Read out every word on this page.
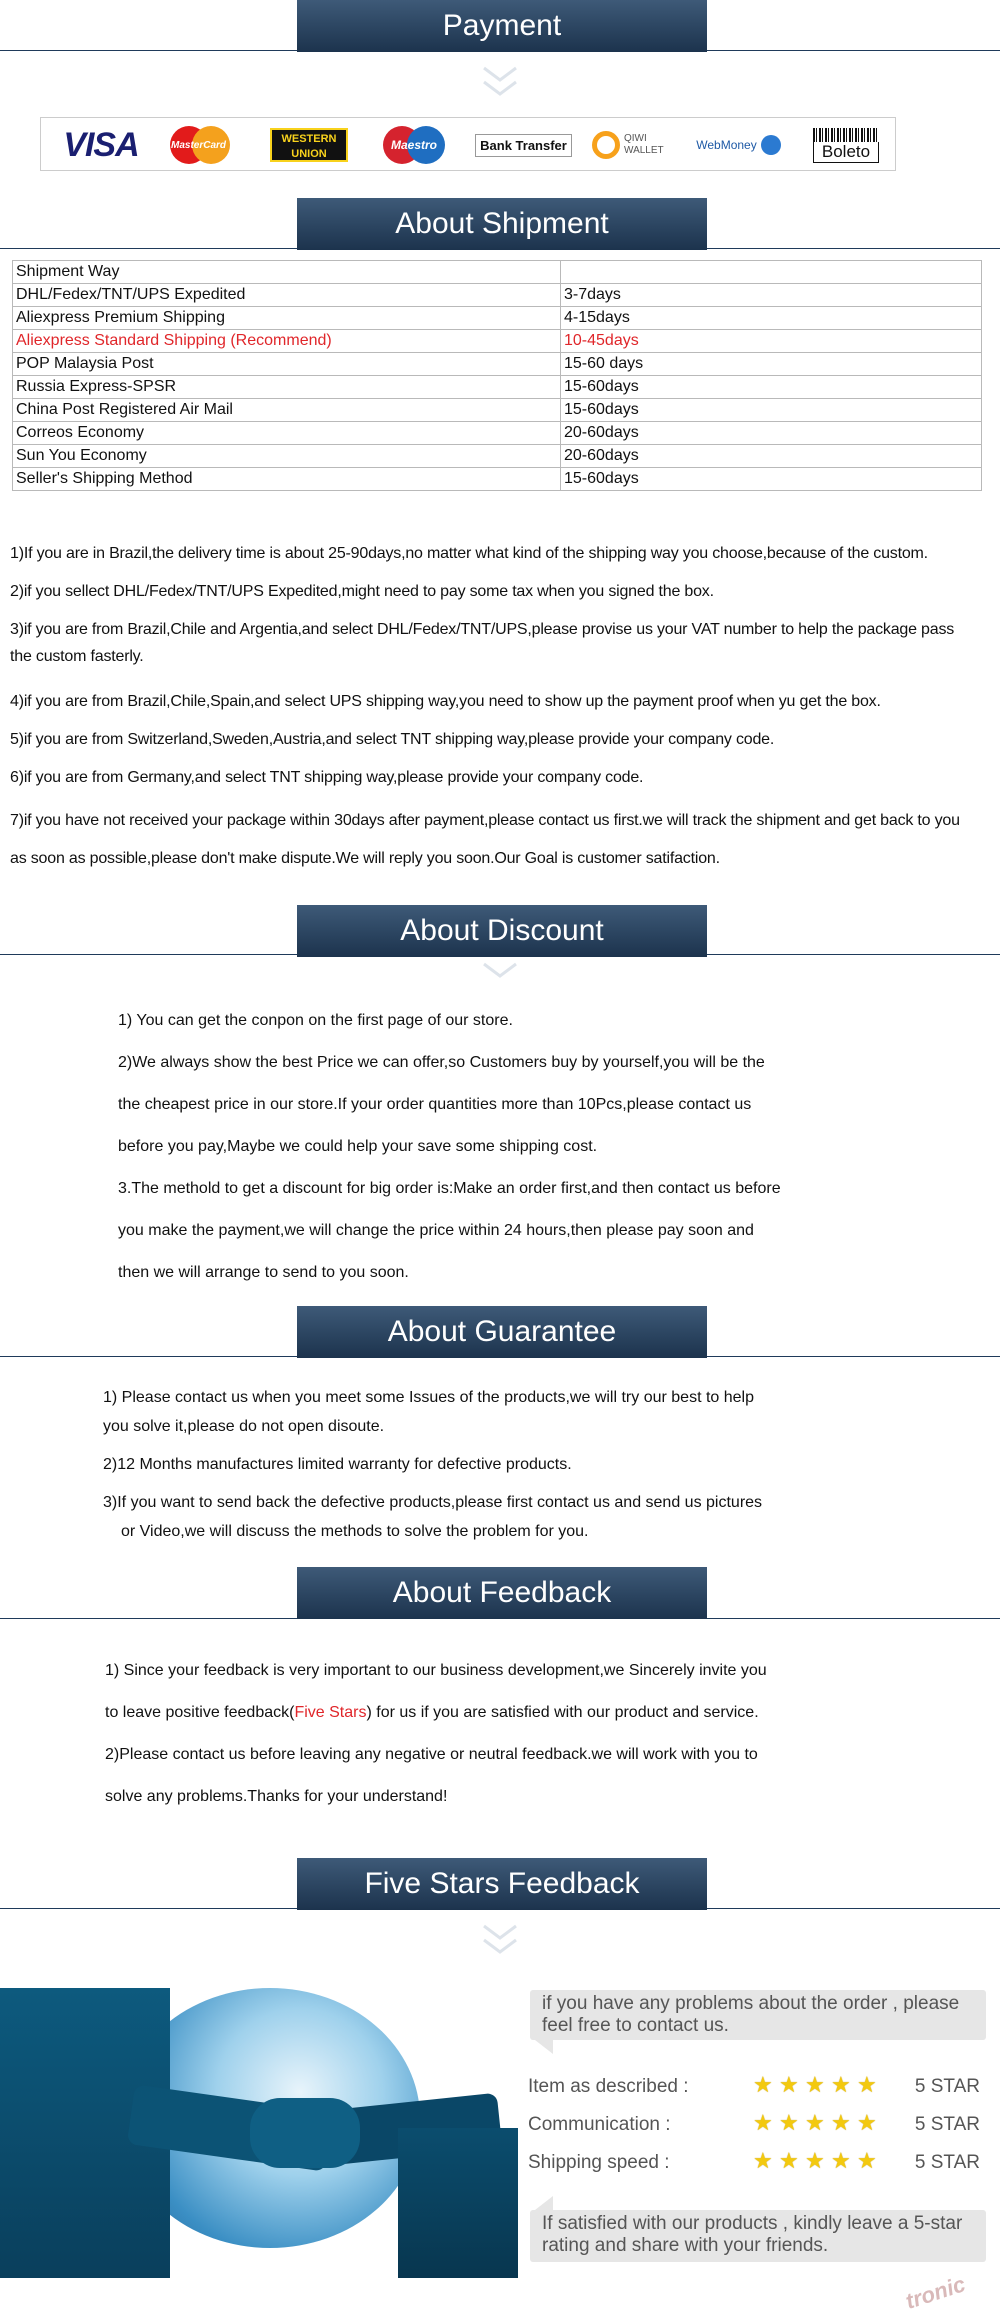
Payment
VISA	MasterCard	WESTERN UNION
Maestro	Bank Transfer	QIWI WALLET	WebMoney	Boleto
About Shipment
Shipment Way	
DHL/Fedex/TNT/UPS Expedited	3-7days
Aliexpress Premium Shipping	4-15days
Aliexpress Standard Shipping (Recommend)	10-45days
POP Malaysia Post	15-60 days
Russia Express-SPSR	15-60days
China Post Registered Air Mail	15-60days
Correos Economy	20-60days
Sun You Economy	20-60days
Seller's Shipping Method	15-60days

1)If you are in Brazil,the delivery time is about 25-90days,no matter what kind of the shipping way you choose,because of the custom.

2)if you sellect DHL/Fedex/TNT/UPS Expedited,might need to pay some tax when you signed the box.

3)if you are from Brazil,Chile and Argentia,and select DHL/Fedex/TNT/UPS,please provise us your VAT number to help the package pass the custom fasterly.

4)if you are from Brazil,Chile,Spain,and select UPS shipping way,you need to show up the payment proof when yu get the box.

5)if you are from Switzerland,Sweden,Austria,and select TNT shipping way,please provide your company code.

6)if you are from Germany,and select TNT shipping way,please provide your company code.

7)if you have not received your package within 30days after payment,please contact us first.we will track the shipment and get back to you as soon as possible,please don't make dispute.We will reply you soon.Our Goal is customer satifaction.

About Discount
1) You can get the conpon on the first page of our store.
2)We always show the best Price we can offer,so Customers buy by yourself,you will be the
the cheapest price in our store.If your order quantities more than 10Pcs,please contact us
before you pay,Maybe we could help your save some shipping cost.
3.The methold to get a discount for big order is:Make an order first,and then contact us before
you make the payment,we will change the price within 24 hours,then please pay soon and
then we will arrange to send to you soon.
About Guarantee

1) Please contact us when you meet some Issues of the products,we will try our best to help
you solve it,please do not open disoute.

2)12 Months manufactures limited warranty for defective products.

3)If you want to send back the defective products,please first contact us and send us pictures
or Video,we will discuss the methods to solve the problem for you.

About Feedback
1) Since your feedback is very important to our business development,we Sincerely invite you
to leave positive feedback(Five Stars) for us if you are satisfied with our product and service.
2)Please contact us before leaving any negative or neutral feedback.we will work with you to
solve any problems.Thanks for your understand!
Five Stars Feedback
if you have any problems about the order , please feel free to contact us.
Item as described :	★ ★ ★ ★ ★ 5 STAR
Communication :	★ ★ ★ ★ ★ 5 STAR
Shipping speed :	★ ★ ★ ★ ★ 5 STAR
If satisfied with our products , kindly leave a 5-star rating and share with your friends.
tronic
